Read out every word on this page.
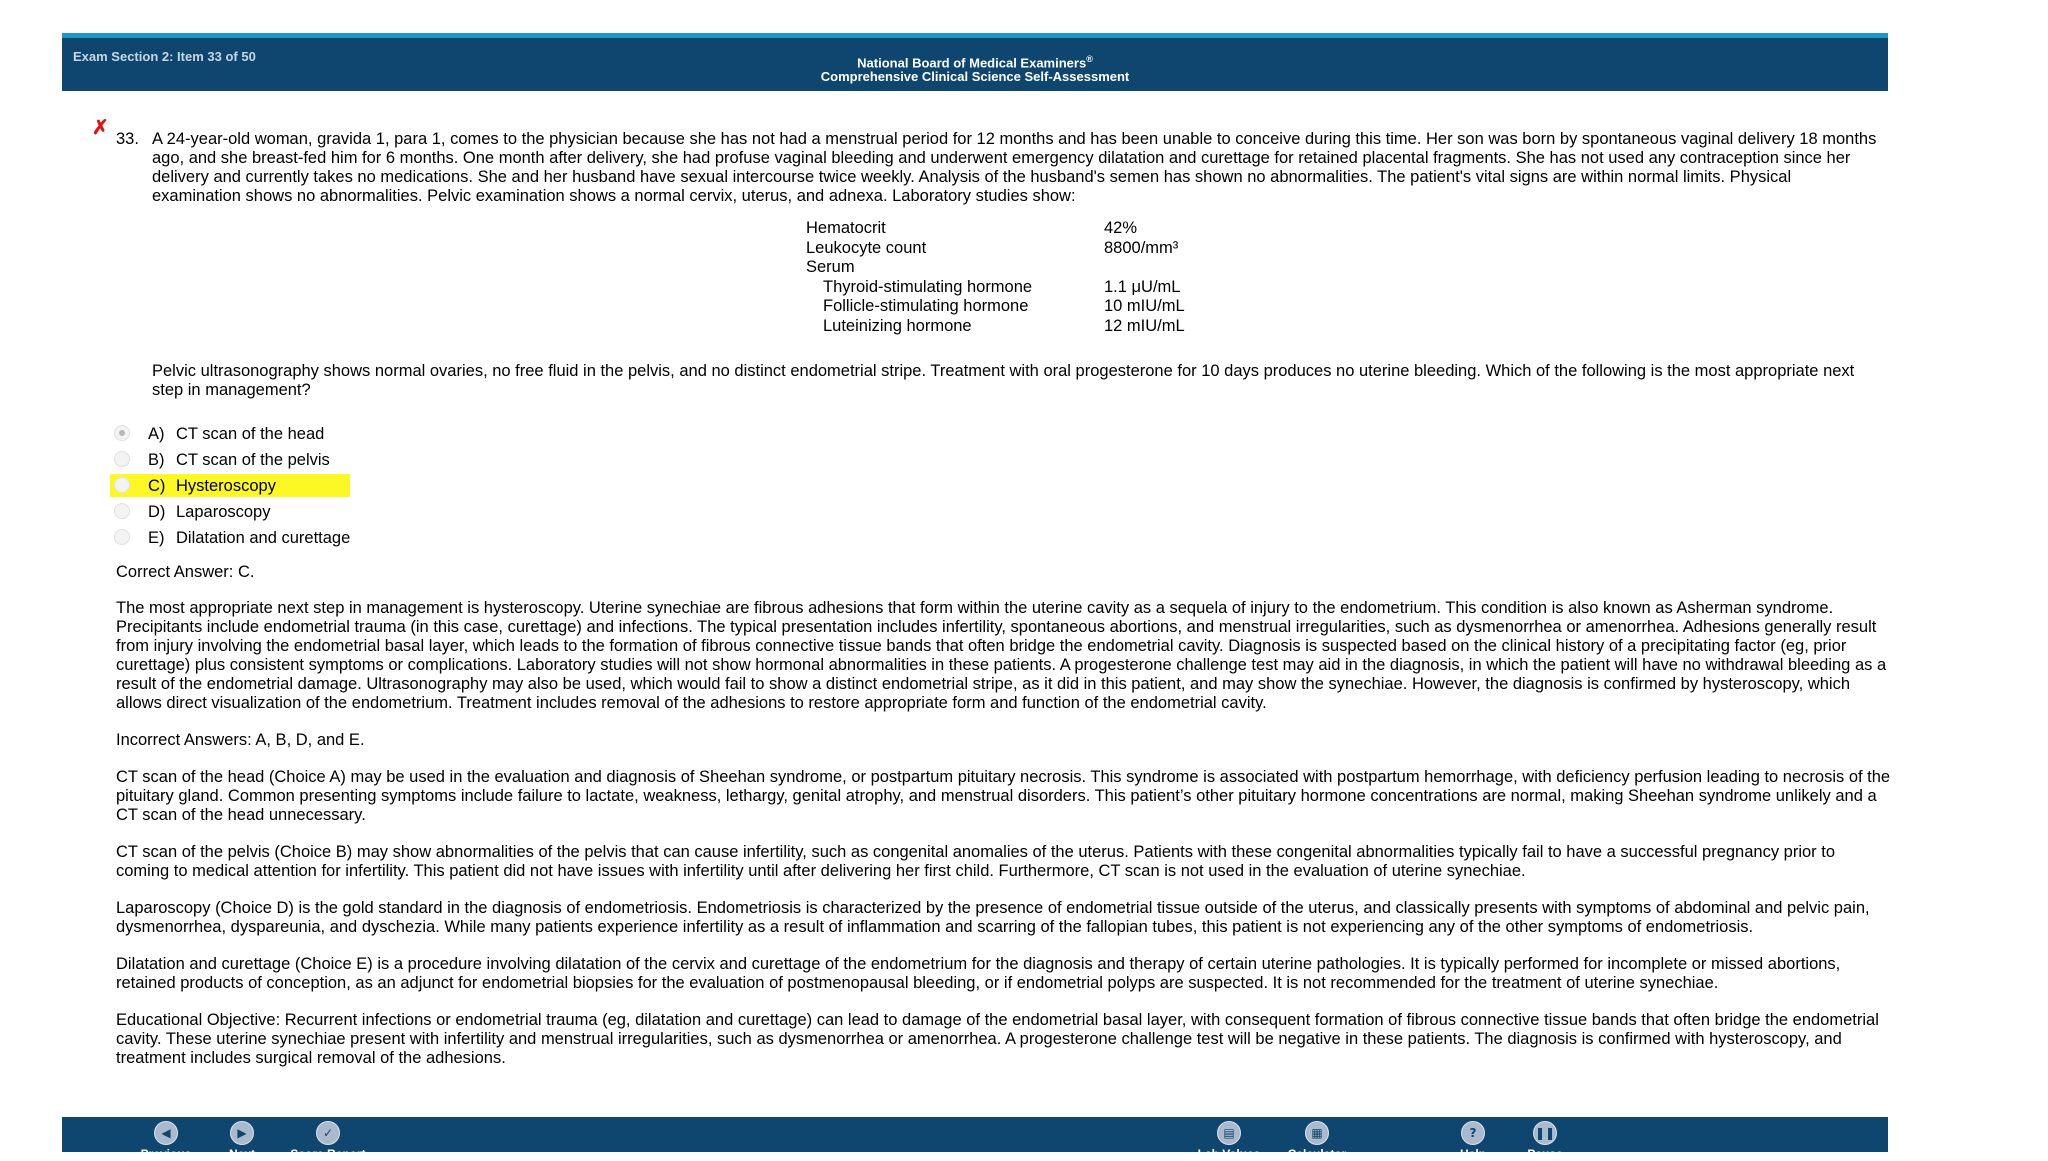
Exam Section 2: Item 33 of 50	National Board of Medical Examiners®
Comprehensive Clinical Science Self-Assessment
✗ 33. A 24-year-old woman, gravida 1, para 1, comes to the physician because she has not had a menstrual period for 12 months and has been unable to conceive during this time. Her son was born by spontaneous vaginal delivery 18 months ago, and she breast-fed him for 6 months. One month after delivery, she had profuse vaginal bleeding and underwent emergency dilatation and curettage for retained placental fragments. She has not used any contraception since her delivery and currently takes no medications. She and her husband have sexual intercourse twice weekly. Analysis of the husband's semen has shown no abnormalities. The patient's vital signs are within normal limits. Physical examination shows no abnormalities. Pelvic examination shows a normal cervix, uterus, and adnexa. Laboratory studies show:
Hematocrit	42%
Leukocyte count	8800/mm³
Serum
Thyroid-stimulating hormone	1.1 μU/mL
Follicle-stimulating hormone	10 mIU/mL
Luteinizing hormone	12 mIU/mL
Pelvic ultrasonography shows normal ovaries, no free fluid in the pelvis, and no distinct endometrial stripe. Treatment with oral progesterone for 10 days produces no uterine bleeding. Which of the following is the most appropriate next step in management?
A) CT scan of the head
B) CT scan of the pelvis
C) Hysteroscopy
D) Laparoscopy
E) Dilatation and curettage

Correct Answer: C.

The most appropriate next step in management is hysteroscopy. Uterine synechiae are fibrous adhesions that form within the uterine cavity as a sequela of injury to the endometrium. This condition is also known as Asherman syndrome. Precipitants include endometrial trauma (in this case, curettage) and infections. The typical presentation includes infertility, spontaneous abortions, and menstrual irregularities, such as dysmenorrhea or amenorrhea. Adhesions generally result from injury involving the endometrial basal layer, which leads to the formation of fibrous connective tissue bands that often bridge the endometrial cavity. Diagnosis is suspected based on the clinical history of a precipitating factor (eg, prior curettage) plus consistent symptoms or complications. Laboratory studies will not show hormonal abnormalities in these patients. A progesterone challenge test may aid in the diagnosis, in which the patient will have no withdrawal bleeding as a result of the endometrial damage. Ultrasonography may also be used, which would fail to show a distinct endometrial stripe, as it did in this patient, and may show the synechiae. However, the diagnosis is confirmed by hysteroscopy, which allows direct visualization of the endometrium. Treatment includes removal of the adhesions to restore appropriate form and function of the endometrial cavity.

Incorrect Answers: A, B, D, and E.

CT scan of the head (Choice A) may be used in the evaluation and diagnosis of Sheehan syndrome, or postpartum pituitary necrosis. This syndrome is associated with postpartum hemorrhage, with deficiency perfusion leading to necrosis of the pituitary gland. Common presenting symptoms include failure to lactate, weakness, lethargy, genital atrophy, and menstrual disorders. This patient’s other pituitary hormone concentrations are normal, making Sheehan syndrome unlikely and a CT scan of the head unnecessary.

CT scan of the pelvis (Choice B) may show abnormalities of the pelvis that can cause infertility, such as congenital anomalies of the uterus. Patients with these congenital abnormalities typically fail to have a successful pregnancy prior to coming to medical attention for infertility. This patient did not have issues with infertility until after delivering her first child. Furthermore, CT scan is not used in the evaluation of uterine synechiae.

Laparoscopy (Choice D) is the gold standard in the diagnosis of endometriosis. Endometriosis is characterized by the presence of endometrial tissue outside of the uterus, and classically presents with symptoms of abdominal and pelvic pain, dysmenorrhea, dyspareunia, and dyschezia. While many patients experience infertility as a result of inflammation and scarring of the fallopian tubes, this patient is not experiencing any of the other symptoms of endometriosis.

Dilatation and curettage (Choice E) is a procedure involving dilatation of the cervix and curettage of the endometrium for the diagnosis and therapy of certain uterine pathologies. It is typically performed for incomplete or missed abortions, retained products of conception, as an adjunct for endometrial biopsies for the evaluation of postmenopausal bleeding, or if endometrial polyps are suspected. It is not recommended for the treatment of uterine synechiae.

Educational Objective: Recurrent infections or endometrial trauma (eg, dilatation and curettage) can lead to damage of the endometrial basal layer, with consequent formation of fibrous connective tissue bands that often bridge the endometrial cavity. These uterine synechiae present with infertility and menstrual irregularities, such as dysmenorrhea or amenorrhea. A progesterone challenge test will be negative in these patients. The diagnosis is confirmed with hysteroscopy, and treatment includes surgical removal of the adhesions.

◀
Previous
▶
Next
✓
Score Report
▤
Lab Values
▦
Calculator
?
Help
❚❚
Pause
